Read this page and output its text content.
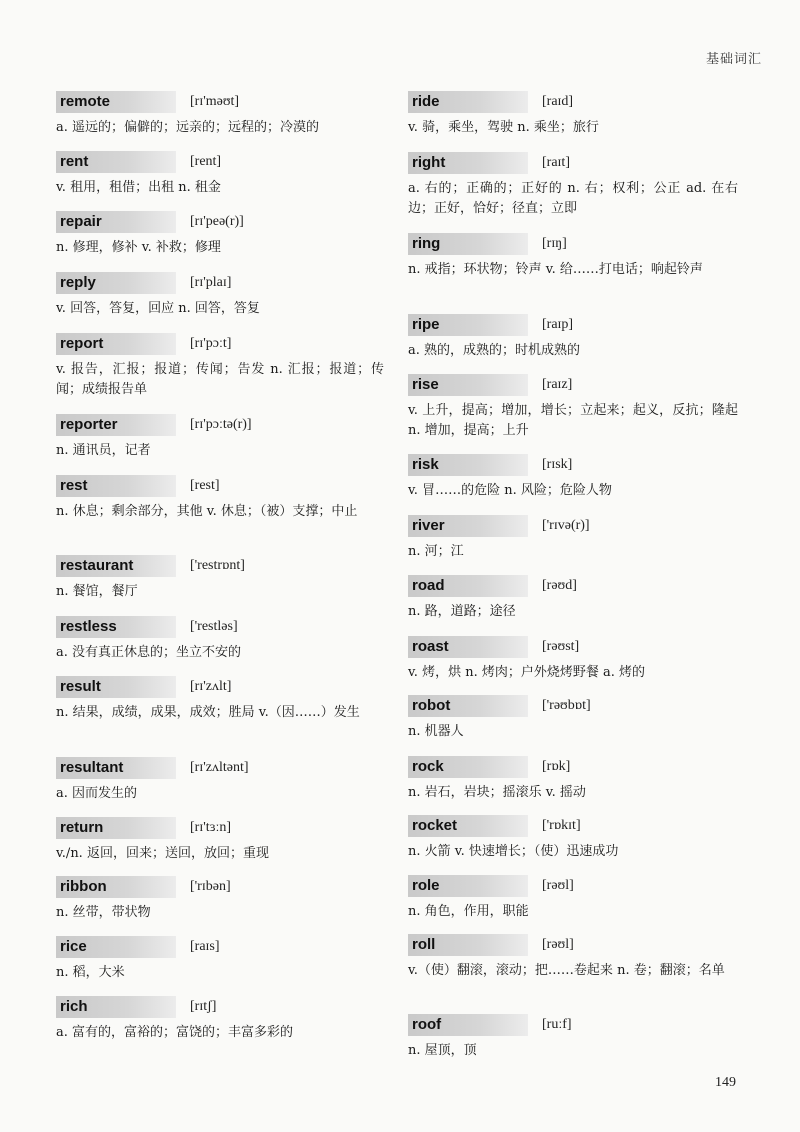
基础词汇
remote	[rɪ'məʊt]
a. 遥远的；偏僻的；远亲的；远程的；冷漠的
rent	[rent]
v. 租用，租借；出租 n. 租金
repair	[rɪ'peə(r)]
n. 修理，修补 v. 补救；修理
reply	[rɪ'plaɪ]
v. 回答，答复，回应 n. 回答，答复
report	[rɪ'pɔːt]
v. 报告，汇报；报道；传闻；告发 n. 汇报；报道；传闻；成绩报告单
reporter	[rɪ'pɔːtə(r)]
n. 通讯员，记者
rest	[rest]
n. 休息；剩余部分，其他 v. 休息；（被）支撑；中止
restaurant	['restrɒnt]
n. 餐馆，餐厅
restless	['restləs]
a. 没有真正休息的；坐立不安的
result	[rɪ'zʌlt]
n. 结果，成绩，成果，成效；胜局 v.（因……）发生
resultant	[rɪ'zʌltənt]
a. 因而发生的
return	[rɪ'tɜːn]
v./n. 返回，回来；送回，放回；重现
ribbon	['rɪbən]
n. 丝带，带状物
rice	[raɪs]
n. 稻，大米
rich	[rɪtʃ]
a. 富有的，富裕的；富饶的；丰富多彩的
ride	[raɪd]
v. 骑，乘坐，驾驶 n. 乘坐；旅行
right	[raɪt]
a. 右的；正确的；正好的 n. 右；权利；公正 ad. 在右边；正好，恰好；径直；立即
ring	[rɪŋ]
n. 戒指；环状物；铃声 v. 给……打电话；响起铃声
ripe	[raɪp]
a. 熟的，成熟的；时机成熟的
rise	[raɪz]
v. 上升，提高；增加，增长；立起来；起义，反抗；隆起 n. 增加，提高；上升
risk	[rɪsk]
v. 冒……的危险 n. 风险；危险人物
river	['rɪvə(r)]
n. 河；江
road	[rəʊd]
n. 路，道路；途径
roast	[rəʊst]
v. 烤，烘 n. 烤肉；户外烧烤野餐 a. 烤的
robot	['rəʊbɒt]
n. 机器人
rock	[rɒk]
n. 岩石，岩块；摇滚乐 v. 摇动
rocket	['rɒkɪt]
n. 火箭 v. 快速增长；（使）迅速成功
role	[rəʊl]
n. 角色，作用，职能
roll	[rəʊl]
v.（使）翻滚，滚动；把……卷起来 n. 卷；翻滚；名单
roof	[ruːf]
n. 屋顶，顶
149
